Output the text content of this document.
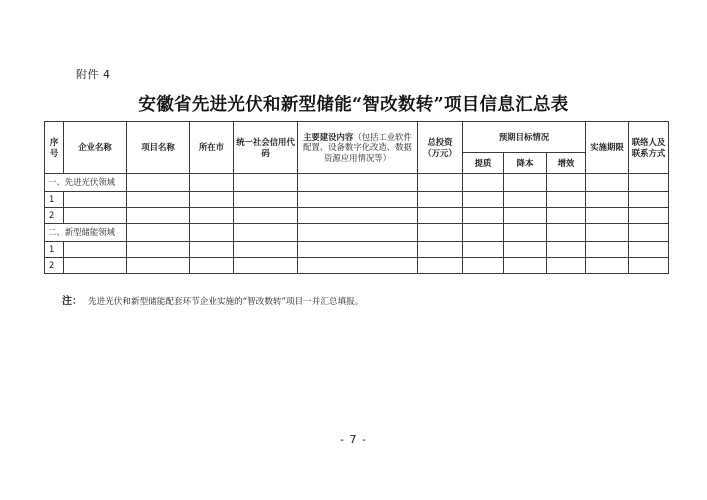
附件 4
安徽省先进光伏和新型储能“智改数转”项目信息汇总表
序号	企业名称	项目名称	所在市	统一社会信用代码	主要建设内容（包括工业软件配置、设备数字化改造、数据资源应用情况等）	总投资（万元）	预期目标情况			实施期限	联络人及联系方式
							提质	降本	增效		
一、先进光伏领域											
1											
2											
二、新型储能领域											
1											
2											
注： 先进光伏和新型储能配套环节企业实施的“智改数转”项目一并汇总填报。
- 7 -
